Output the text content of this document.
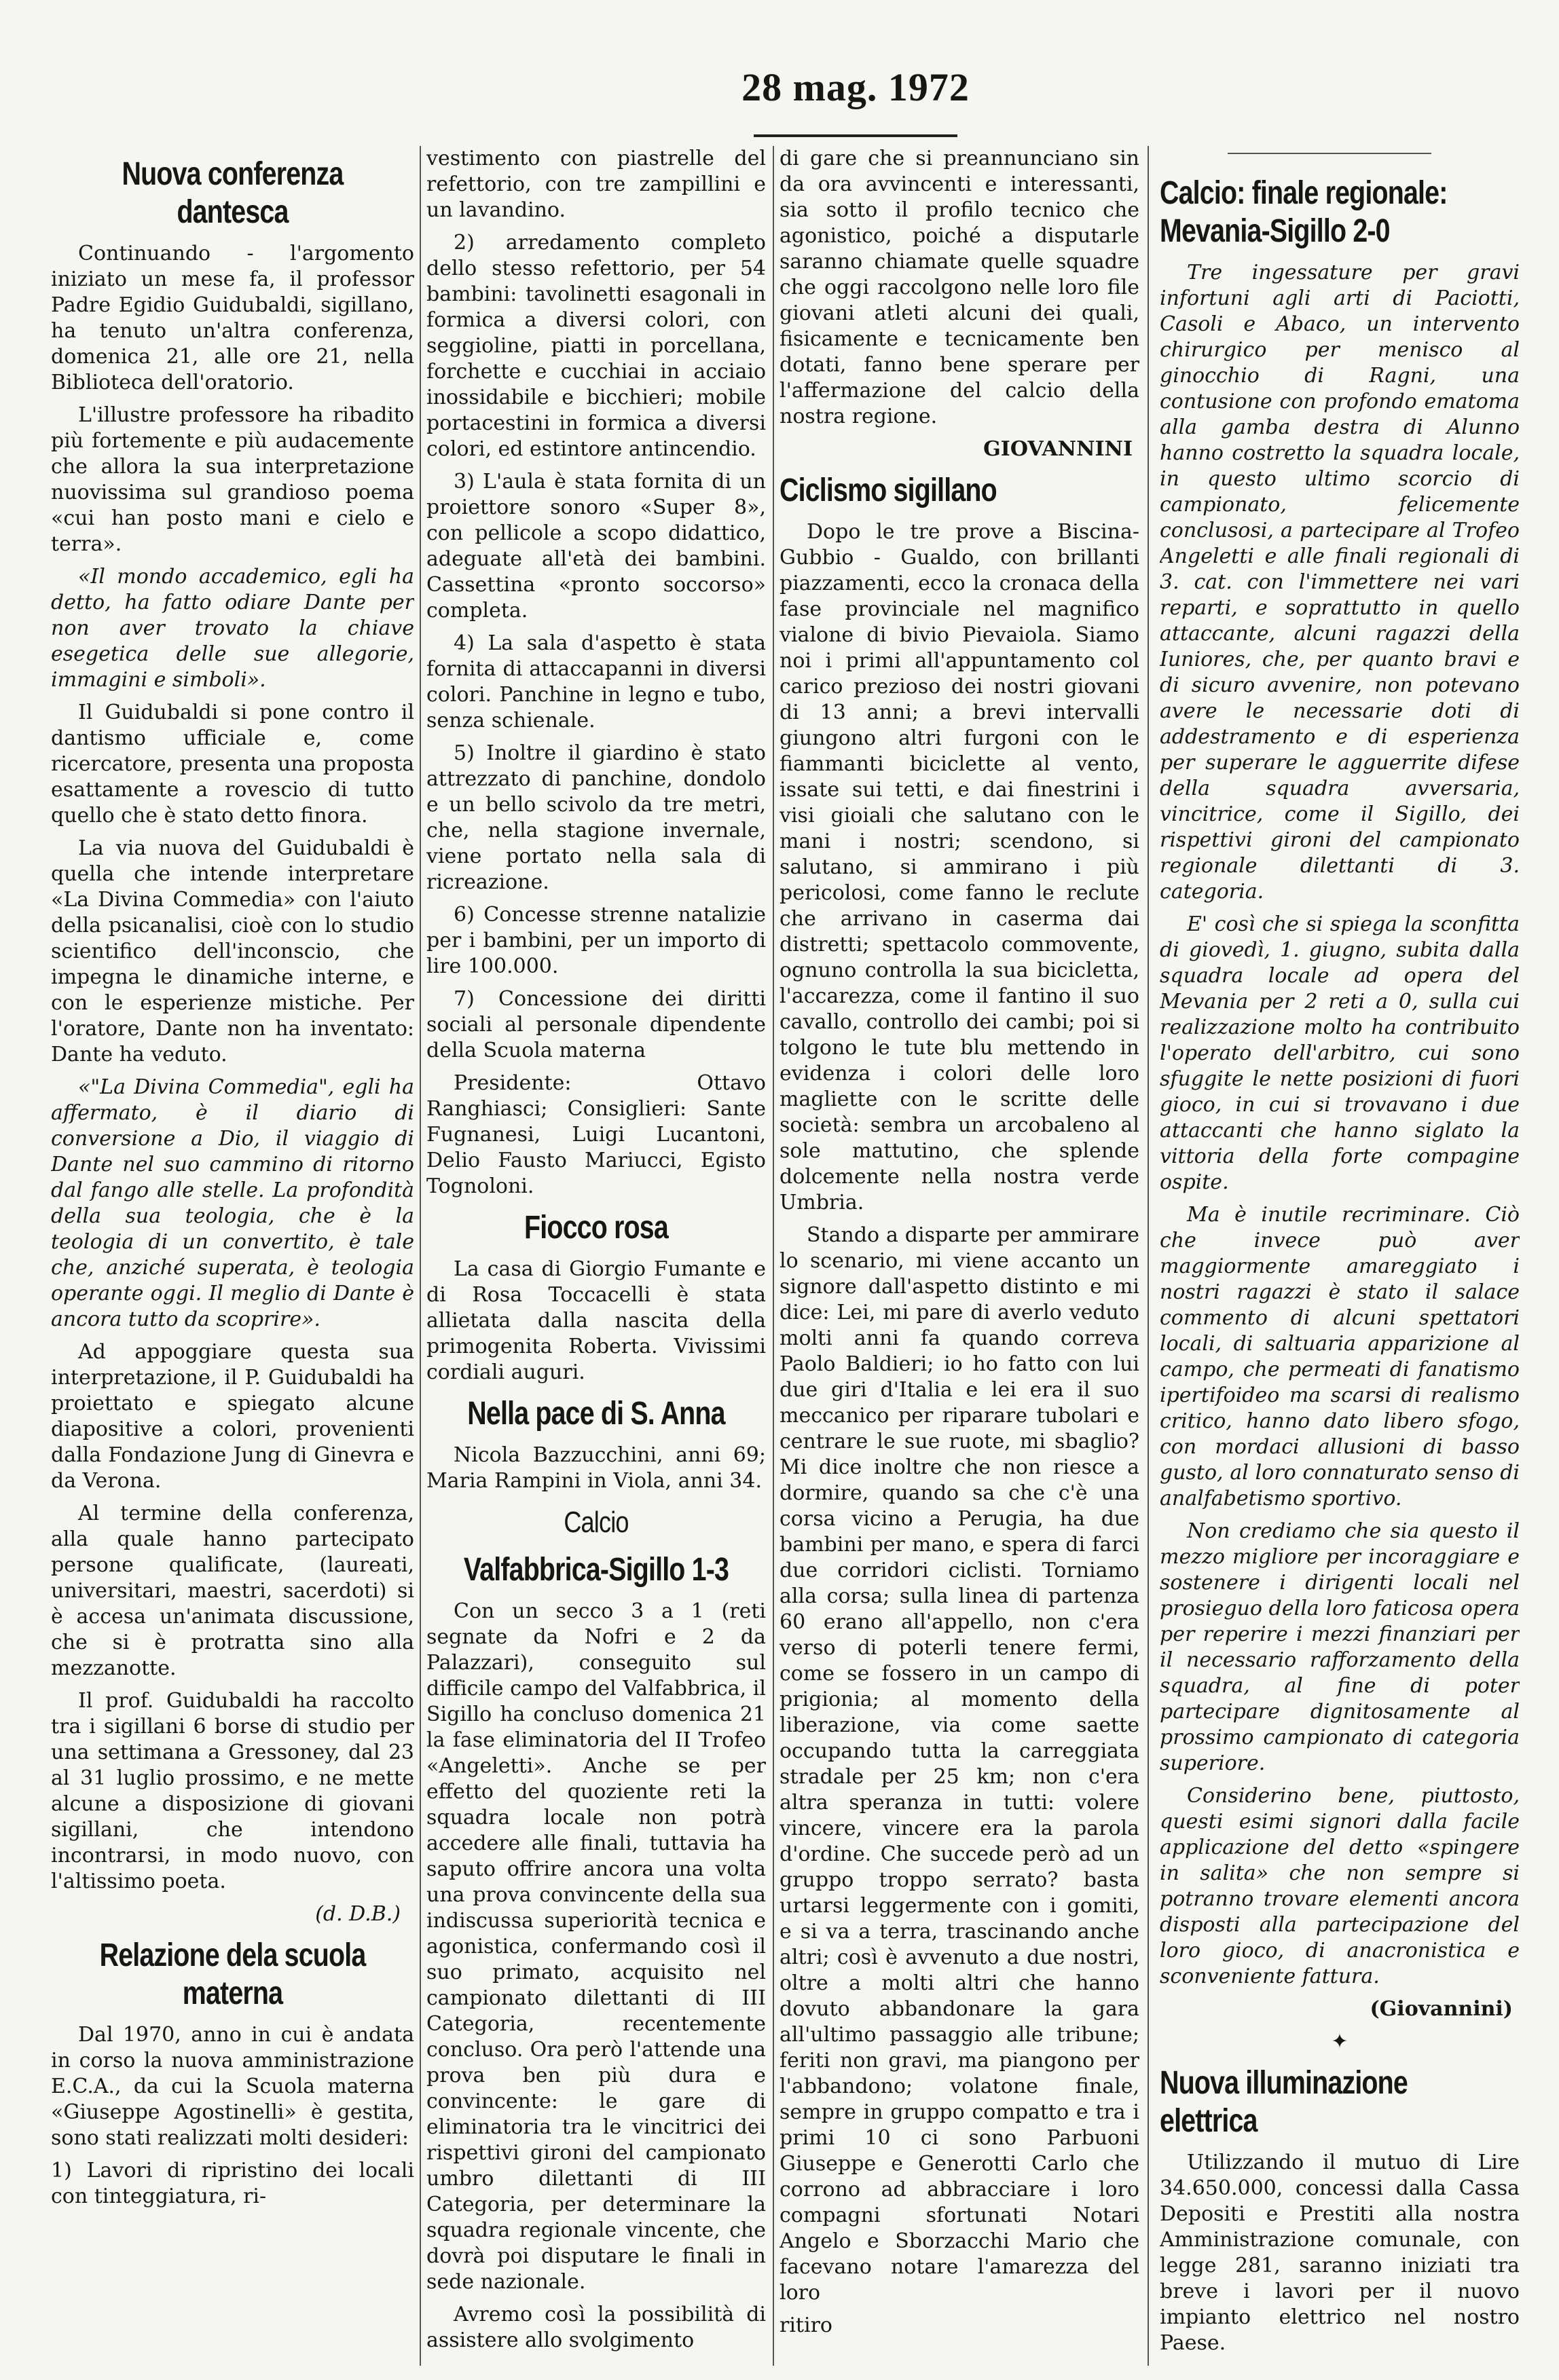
28 mag. 1972
Nuova conferenza dantesca

Continuando - l'argomento iniziato un mese fa, il professor Padre Egidio Guidubaldi, sigillano, ha tenuto un'altra conferenza, domenica 21, alle ore 21, nella Biblioteca dell'oratorio.

L'illustre professore ha ribadito più fortemente e più audacemente che allora la sua interpretazione nuovissima sul grandioso poema «cui han posto mani e cielo e terra».

«Il mondo accademico, egli ha detto, ha fatto odiare Dante per non aver trovato la chiave esegetica delle sue allegorie, immagini e simboli».

Il Guidubaldi si pone contro il dantismo ufficiale e, come ricercatore, presenta una proposta esattamente a rovescio di tutto quello che è stato detto finora.

La via nuova del Guidubaldi è quella che intende interpretare «La Divina Commedia» con l'aiuto della psicanalisi, cioè con lo studio scientifico dell'inconscio, che impegna le dinamiche interne, e con le esperienze mistiche. Per l'oratore, Dante non ha inventato: Dante ha veduto.

«"La Divina Commedia", egli ha affermato, è il diario di conversione a Dio, il viaggio di Dante nel suo cammino di ritorno dal fango alle stelle. La profondità della sua teologia, che è la teologia di un convertito, è tale che, anziché superata, è teologia operante oggi. Il meglio di Dante è ancora tutto da scoprire».

Ad appoggiare questa sua interpretazione, il P. Guidubaldi ha proiettato e spiegato alcune diapositive a colori, provenienti dalla Fondazione Jung di Ginevra e da Verona.

Al termine della conferenza, alla quale hanno partecipato persone qualificate, (laureati, universitari, maestri, sacerdoti) si è accesa un'animata discussione, che si è protratta sino alla mezzanotte.

Il prof. Guidubaldi ha raccolto tra i sigillani 6 borse di studio per una settimana a Gressoney, dal 23 al 31 luglio prossimo, e ne mette alcune a disposizione di giovani sigillani, che intendono incontrarsi, in modo nuovo, con l'altissimo poeta.

(d. D.B.)
Relazione dela scuola materna

Dal 1970, anno in cui è andata in corso la nuova amministrazione E.C.A., da cui la Scuola materna «Giuseppe Agostinelli» è gestita, sono stati realizzati molti desideri:

1) Lavori di ripristino dei locali con tinteggiatura, ri-

vestimento con piastrelle del refettorio, con tre zampillini e un lavandino.

2) arredamento completo dello stesso refettorio, per 54 bambini: tavolinetti esagonali in formica a diversi colori, con seggioline, piatti in porcellana, forchette e cucchiai in acciaio inossidabile e bicchieri; mobile portacestini in formica a diversi colori, ed estintore antincendio.

3) L'aula è stata fornita di un proiettore sonoro «Super 8», con pellicole a scopo didattico, adeguate all'età dei bambini. Cassettina «pronto soccorso» completa.

4) La sala d'aspetto è stata fornita di attaccapanni in diversi colori. Panchine in legno e tubo, senza schienale.

5) Inoltre il giardino è stato attrezzato di panchine, dondolo e un bello scivolo da tre metri, che, nella stagione invernale, viene portato nella sala di ricreazione.

6) Concesse strenne natalizie per i bambini, per un importo di lire 100.000.

7) Concessione dei diritti sociali al personale dipendente della Scuola materna

Presidente: Ottavo Ranghiasci; Consiglieri: Sante Fugnanesi, Luigi Lucantoni, Delio Fausto Mariucci, Egisto Tognoloni.

Fiocco rosa

La casa di Giorgio Fumante e di Rosa Toccacelli è stata allietata dalla nascita della primogenita Roberta. Vivissimi cordiali auguri.

Nella pace di S. Anna

Nicola Bazzucchini, anni 69; Maria Rampini in Viola, anni 34.

Calcio
Valfabbrica-Sigillo 1-3

Con un secco 3 a 1 (reti segnate da Nofri e 2 da Palazzari), conseguito sul difficile campo del Valfabbrica, il Sigillo ha concluso domenica 21 la fase eliminatoria del II Trofeo «Angeletti». Anche se per effetto del quoziente reti la squadra locale non potrà accedere alle finali, tuttavia ha saputo offrire ancora una volta una prova convincente della sua indiscussa superiorità tecnica e agonistica, confermando così il suo primato, acquisito nel campionato dilettanti di III Categoria, recentemente concluso. Ora però l'attende una prova ben più dura e convincente: le gare di eliminatoria tra le vincitrici dei rispettivi gironi del campionato umbro dilettanti di III Categoria, per determinare la squadra regionale vincente, che dovrà poi disputare le finali in sede nazionale.

Avremo così la possibilità di assistere allo svolgimento

di gare che si preannunciano sin da ora avvincenti e interessanti, sia sotto il profilo tecnico che agonistico, poiché a disputarle saranno chiamate quelle squadre che oggi raccolgono nelle loro file giovani atleti alcuni dei quali, fisicamente e tecnicamente ben dotati, fanno bene sperare per l'affermazione del calcio della nostra regione.

GIOVANNINI
Ciclismo sigillano

Dopo le tre prove a Biscina-Gubbio - Gualdo, con brillanti piazzamenti, ecco la cronaca della fase provinciale nel magnifico vialone di bivio Pievaiola. Siamo noi i primi all'appuntamento col carico prezioso dei nostri giovani di 13 anni; a brevi intervalli giungono altri furgoni con le fiammanti biciclette al vento, issate sui tetti, e dai finestrini i visi gioiali che salutano con le mani i nostri; scendono, si salutano, si ammirano i più pericolosi, come fanno le reclute che arrivano in caserma dai distretti; spettacolo commovente, ognuno controlla la sua bicicletta, l'accarezza, come il fantino il suo cavallo, controllo dei cambi; poi si tolgono le tute blu mettendo in evidenza i colori delle loro magliette con le scritte delle società: sembra un arcobaleno al sole mattutino, che splende dolcemente nella nostra verde Umbria.

Stando a disparte per ammirare lo scenario, mi viene accanto un signore dall'aspetto distinto e mi dice: Lei, mi pare di averlo veduto molti anni fa quando correva Paolo Baldieri; io ho fatto con lui due giri d'Italia e lei era il suo meccanico per riparare tubolari e centrare le sue ruote, mi sbaglio? Mi dice inoltre che non riesce a dormire, quando sa che c'è una corsa vicino a Perugia, ha due bambini per mano, e spera di farci due corridori ciclisti. Torniamo alla corsa; sulla linea di partenza 60 erano all'appello, non c'era verso di poterli tenere fermi, come se fossero in un campo di prigionia; al momento della liberazione, via come saette occupando tutta la carreggiata stradale per 25 km; non c'era altra speranza in tutti: volere vincere, vincere era la parola d'ordine. Che succede però ad un gruppo troppo serrato? basta urtarsi leggermente con i gomiti, e si va a terra, trascinando anche altri; così è avvenuto a due nostri, oltre a molti altri che hanno dovuto abbandonare la gara all'ultimo passaggio alle tribune; feriti non gravi, ma piangono per l'abbandono; volatone finale, sempre in gruppo compatto e tra i primi 10 ci sono Parbuoni Giuseppe e Generotti Carlo che corrono ad abbracciare i loro compagni sfortunati Notari Angelo e Sborzacchi Mario che facevano notare l'amarezza del loro

ritiro

Calcio: finale regionale: Mevania-Sigillo 2-0

Tre ingessature per gravi infortuni agli arti di Paciotti, Casoli e Abaco, un intervento chirurgico per menisco al ginocchio di Ragni, una contusione con profondo ematoma alla gamba destra di Alunno hanno costretto la squadra locale, in questo ultimo scorcio di campionato, felicemente conclusosi, a partecipare al Trofeo Angeletti e alle finali regionali di 3. cat. con l'immettere nei vari reparti, e soprattutto in quello attaccante, alcuni ragazzi della Iuniores, che, per quanto bravi e di sicuro avvenire, non potevano avere le necessarie doti di addestramento e di esperienza per superare le agguerrite difese della squadra avversaria, vincitrice, come il Sigillo, dei rispettivi gironi del campionato regionale dilettanti di 3. categoria.

E' così che si spiega la sconfitta di giovedì, 1. giugno, subita dalla squadra locale ad opera del Mevania per 2 reti a 0, sulla cui realizzazione molto ha contribuito l'operato dell'arbitro, cui sono sfuggite le nette posizioni di fuori gioco, in cui si trovavano i due attaccanti che hanno siglato la vittoria della forte compagine ospite.

Ma è inutile recriminare. Ciò che invece può aver maggiormente amareggiato i nostri ragazzi è stato il salace commento di alcuni spettatori locali, di saltuaria apparizione al campo, che permeati di fanatismo ipertifoideo ma scarsi di realismo critico, hanno dato libero sfogo, con mordaci allusioni di basso gusto, al loro connaturato senso di analfabetismo sportivo.

Non crediamo che sia questo il mezzo migliore per incoraggiare e sostenere i dirigenti locali nel prosieguo della loro faticosa opera per reperire i mezzi finanziari per il necessario rafforzamento della squadra, al fine di poter partecipare dignitosamente al prossimo campionato di categoria superiore.

Considerino bene, piuttosto, questi esimi signori dalla facile applicazione del detto «spingere in salita» che non sempre si potranno trovare elementi ancora disposti alla partecipazione del loro gioco, di anacronistica e sconveniente fattura.

(Giovannini)
✦
Nuova illuminazione elettrica

Utilizzando il mutuo di Lire 34.650.000, concessi dalla Cassa Depositi e Prestiti alla nostra Amministrazione comunale, con legge 281, saranno iniziati tra breve i lavori per il nuovo impianto elettrico nel nostro Paese.
